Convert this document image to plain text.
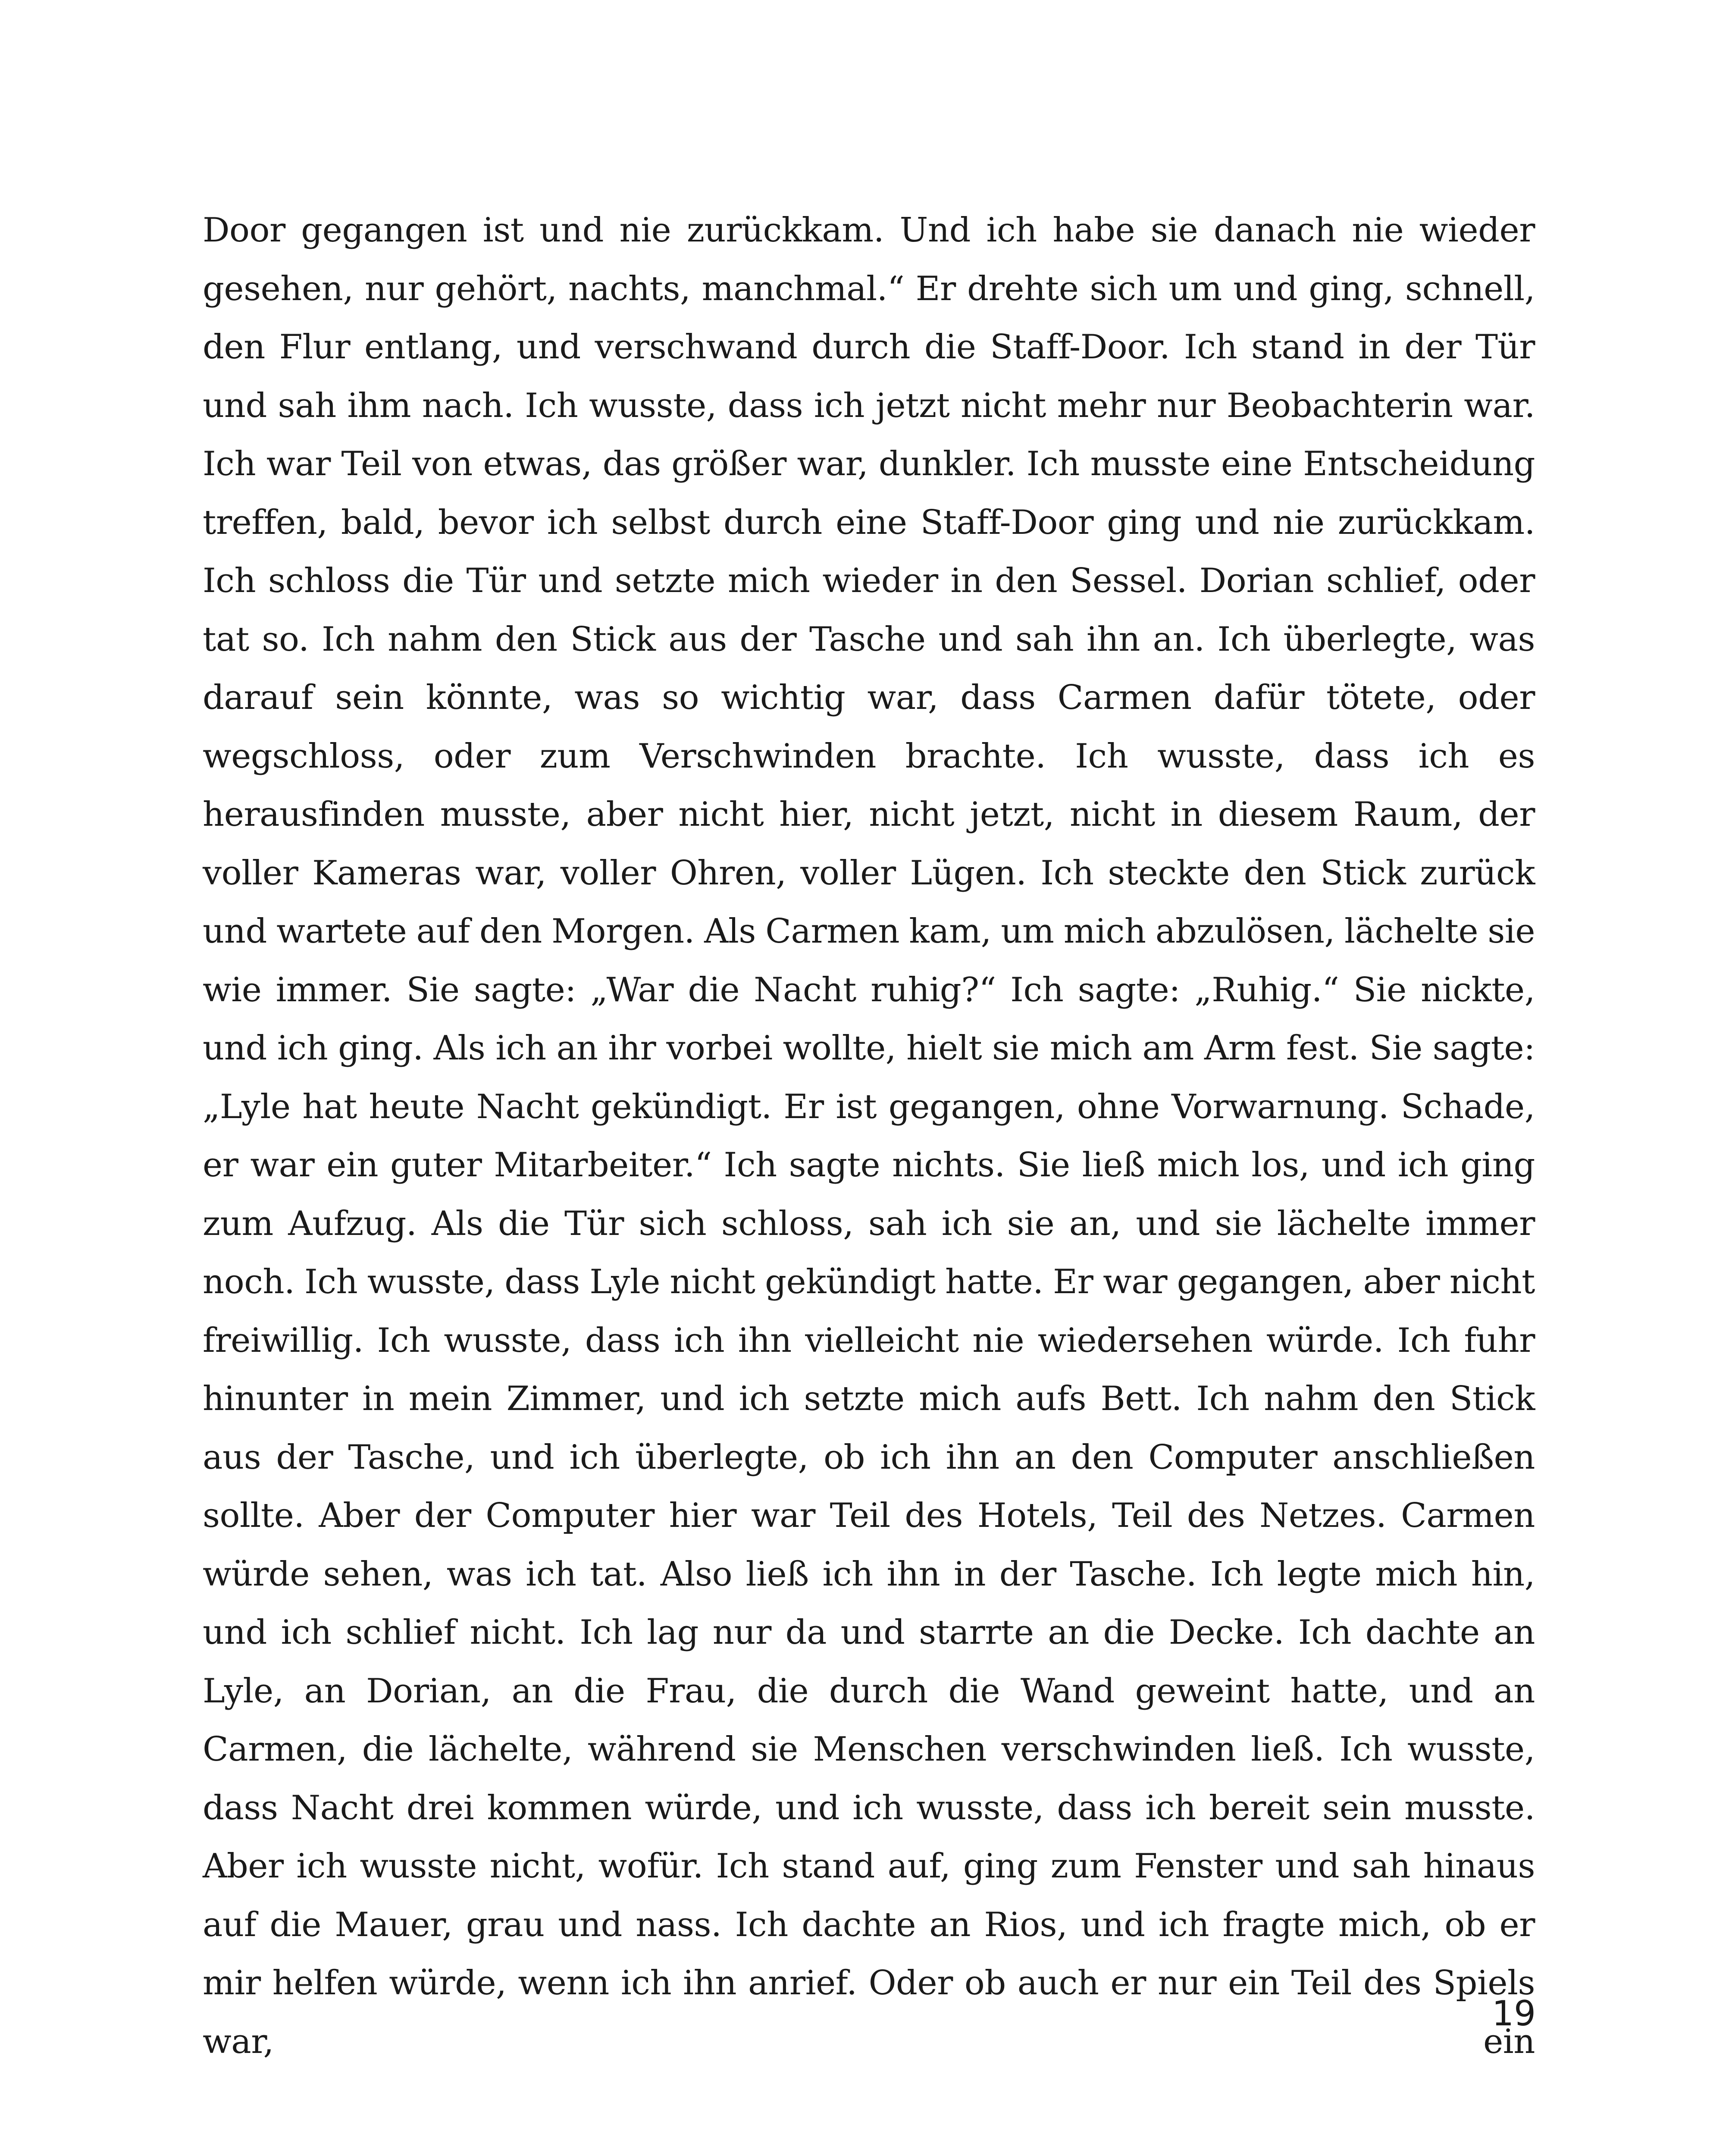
Door gegangen ist und nie zurückkam. Und ich habe sie danach nie wieder gesehen, nur gehört, nachts, manchmal.“ Er drehte sich um und ging, schnell, den Flur entlang, und verschwand durch die Staff-Door. Ich stand in der Tür und sah ihm nach. Ich wusste, dass ich jetzt nicht mehr nur Beobachterin war. Ich war Teil von etwas, das größer war, dunkler. Ich musste eine Entscheidung treffen, bald, bevor ich selbst durch eine Staff-Door ging und nie zurückkam. Ich schloss die Tür und setzte mich wieder in den Sessel. Dorian schlief, oder tat so. Ich nahm den Stick aus der Tasche und sah ihn an. Ich überlegte, was darauf sein könnte, was so wichtig war, dass Carmen dafür tötete, oder wegschloss, oder zum Verschwinden brachte. Ich wusste, dass ich es herausfinden musste, aber nicht hier, nicht jetzt, nicht in diesem Raum, der voller Kameras war, voller Ohren, voller Lügen. Ich steckte den Stick zurück und wartete auf den Morgen. Als Carmen kam, um mich abzulösen, lächelte sie wie immer. Sie sagte: „War die Nacht ruhig?“ Ich sagte: „Ruhig.“ Sie nickte, und ich ging. Als ich an ihr vorbei wollte, hielt sie mich am Arm fest. Sie sagte: „Lyle hat heute Nacht gekündigt. Er ist gegangen, ohne Vorwarnung. Schade, er war ein guter Mitarbeiter.“ Ich sagte nichts. Sie ließ mich los, und ich ging zum Aufzug. Als die Tür sich schloss, sah ich sie an, und sie lächelte immer noch. Ich wusste, dass Lyle nicht gekündigt hatte. Er war gegangen, aber nicht freiwillig. Ich wusste, dass ich ihn vielleicht nie wiedersehen würde. Ich fuhr hinunter in mein Zimmer, und ich setzte mich aufs Bett. Ich nahm den Stick aus der Tasche, und ich überlegte, ob ich ihn an den Computer anschließen sollte. Aber der Computer hier war Teil des Hotels, Teil des Netzes. Carmen würde sehen, was ich tat. Also ließ ich ihn in der Tasche. Ich legte mich hin, und ich schlief nicht. Ich lag nur da und starrte an die Decke. Ich dachte an Lyle, an Dorian, an die Frau, die durch die Wand geweint hatte, und an Carmen, die lächelte, während sie Menschen verschwinden ließ. Ich wusste, dass Nacht drei kommen würde, und ich wusste, dass ich bereit sein musste. Aber ich wusste nicht, wofür. Ich stand auf, ging zum Fenster und sah hinaus auf die Mauer, grau und nass. Ich dachte an Rios, und ich fragte mich, ob er mir helfen würde, wenn ich ihn anrief. Oder ob auch er nur ein Teil des Spiels war, ein

19
